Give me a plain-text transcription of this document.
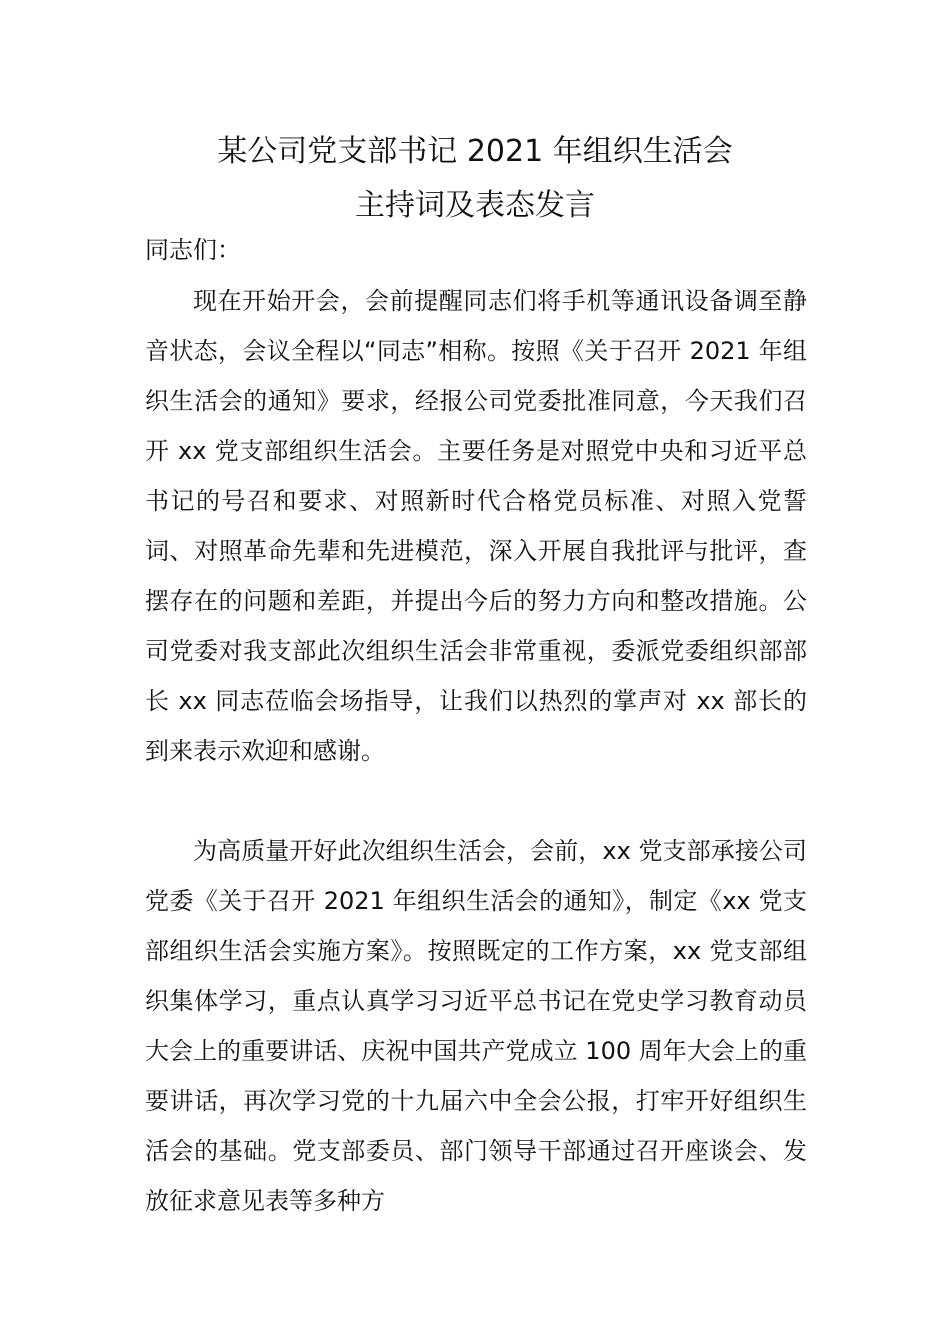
某公司党支部书记 2021 年组织生活会
主持词及表态发言
同志们：

现在开始开会，会前提醒同志们将手机等通讯设备调至静音状态，会议全程以“同志”相称。按照《关于召开 2021 年组织生活会的通知》要求，经报公司党委批准同意，今天我们召开 xx 党支部组织生活会。主要任务是对照党中央和习近平总书记的号召和要求、对照新时代合格党员标准、对照入党誓词、对照革命先辈和先进模范，深入开展自我批评与批评，查摆存在的问题和差距，并提出今后的努力方向和整改措施。公司党委对我支部此次组织生活会非常重视，委派党委组织部部长 xx 同志莅临会场指导，让我们以热烈的掌声对 xx 部长的到来表示欢迎和感谢。

为高质量开好此次组织生活会，会前，xx 党支部承接公司党委《关于召开 2021 年组织生活会的通知》，制定《xx 党支部组织生活会实施方案》。按照既定的工作方案，xx 党支部组织集体学习，重点认真学习习近平总书记在党史学习教育动员大会上的重要讲话、庆祝中国共产党成立 100 周年大会上的重要讲话，再次学习党的十九届六中全会公报，打牢开好组织生活会的基础。党支部委员、部门领导干部通过召开座谈会、发放征求意见表等多种方
